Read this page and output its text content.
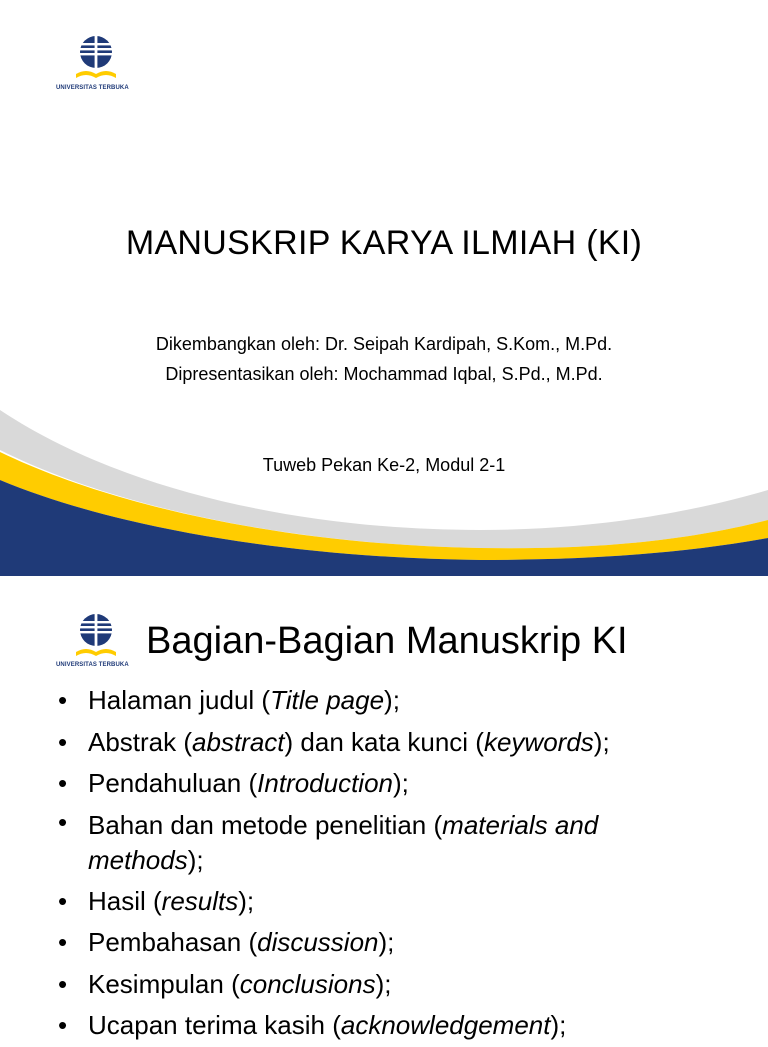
UNIVERSITAS TERBUKA
MANUSKRIP KARYA ILMIAH (KI)
Dikembangkan oleh: Dr. Seipah Kardipah, S.Kom., M.Pd.
Dipresentasikan oleh: Mochammad Iqbal, S.Pd., M.Pd.
Tuweb Pekan Ke-2, Modul 2-1
UNIVERSITAS TERBUKA
Bagian-Bagian Manuskrip KI
• Halaman judul (Title page);
• Abstrak (abstract) dan kata kunci (keywords);
• Pendahuluan (Introduction);
• Bahan dan metode penelitian (materials and methods);
• Hasil (results);
• Pembahasan (discussion);
• Kesimpulan (conclusions);
• Ucapan terima kasih (acknowledgement);
